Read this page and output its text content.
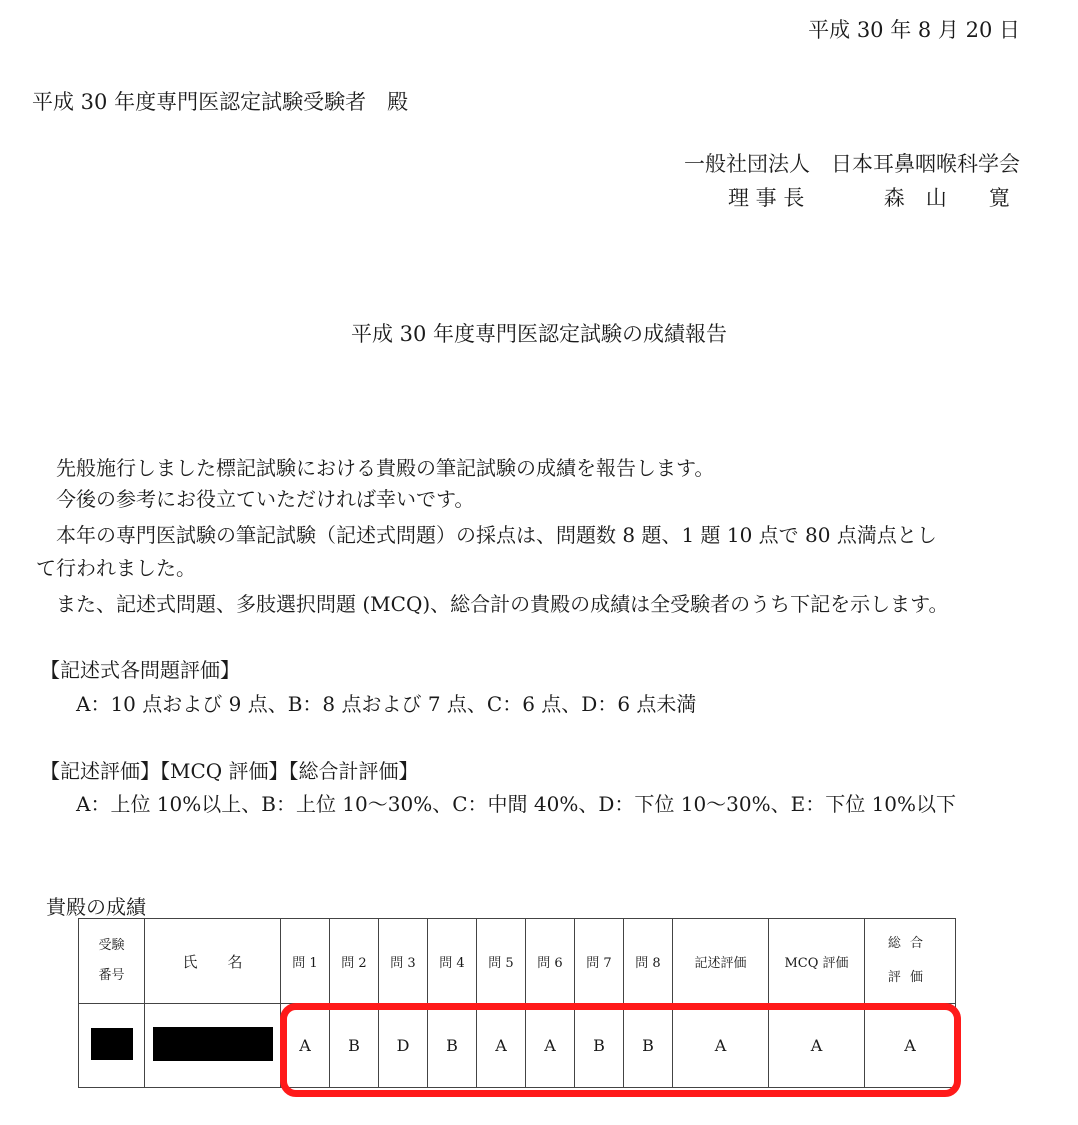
平成 30 年 8 月 20 日
平成 30 年度専門医認定試験受験者　殿
一般社団法人　日本耳鼻咽喉科学会
理 事 長	森　山　　寛
平成 30 年度専門医認定試験の成績報告
　先般施行しました標記試験における貴殿の筆記試験の成績を報告します。
　今後の参考にお役立ていただければ幸いです。
　本年の専門医試験の筆記試験（記述式問題）の採点は、問題数 8 題、1 題 10 点で 80 点満点とし
て行われました。
　また、記述式問題、多肢選択問題 (MCQ)、総合計の貴殿の成績は全受験者のうち下記を示します。
【記述式各問題評価】
A：10 点および 9 点、B：8 点および 7 点、C：6 点、D：6 点未満
【記述評価】【MCQ 評価】【総合計評価】
A：上位 10%以上、B：上位 10～30%、C：中間 40%、D：下位 10～30%、E：下位 10%以下
貴殿の成績
受験
番号	氏　　名	問 1	問 2	問 3	問 4	問 5	問 6	問 7	問 8	記述評価	MCQ 評価	総合
評価
		A	B	D	B	A	A	B	B	A	A	A
